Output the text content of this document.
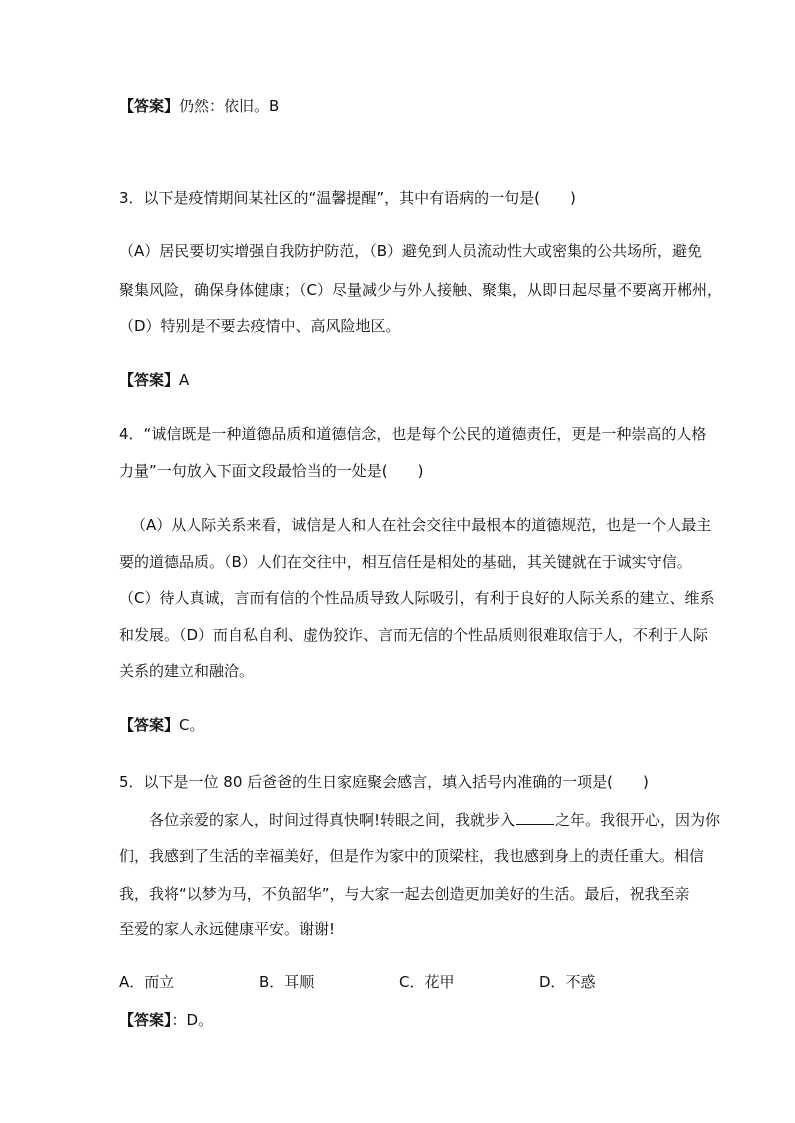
【答案】仍然：依旧。B
3．以下是疫情期间某社区的“温馨提醒”，其中有语病的一句是(　　)
（A）居民要切实增强自我防护防范，（B）避免到人员流动性大或密集的公共场所，避免
聚集风险，确保身体健康；（C）尽量减少与外人接触、聚集，从即日起尽量不要离开郴州，
（D）特别是不要去疫情中、高风险地区。
【答案】A
4．“诚信既是一种道德品质和道德信念，也是每个公民的道德责任，更是一种崇高的人格
力量”一句放入下面文段最恰当的一处是(　　)
（A）从人际关系来看，诚信是人和人在社会交往中最根本的道德规范，也是一个人最主
要的道德品质。（B）人们在交往中，相互信任是相处的基础，其关键就在于诚实守信。
（C）待人真诚，言而有信的个性品质导致人际吸引，有利于良好的人际关系的建立、维系
和发展。（D）而自私自利、虚伪狡诈、言而无信的个性品质则很难取信于人，不利于人际
关系的建立和融洽。
【答案】C。
5．以下是一位 80 后爸爸的生日家庭聚会感言，填入括号内准确的一项是(　　)
各位亲爱的家人，时间过得真快啊!转眼之间，我就步入	之年。我很开心，因为你
们，我感到了生活的幸福美好，但是作为家中的顶梁柱，我也感到身上的责任重大。相信
我，我将“以梦为马，不负韶华”，与大家一起去创造更加美好的生活。最后，祝我至亲
至爱的家人永远健康平安。谢谢!
A．而立	B．耳顺	C．花甲	D．不惑
【答案】：D。
